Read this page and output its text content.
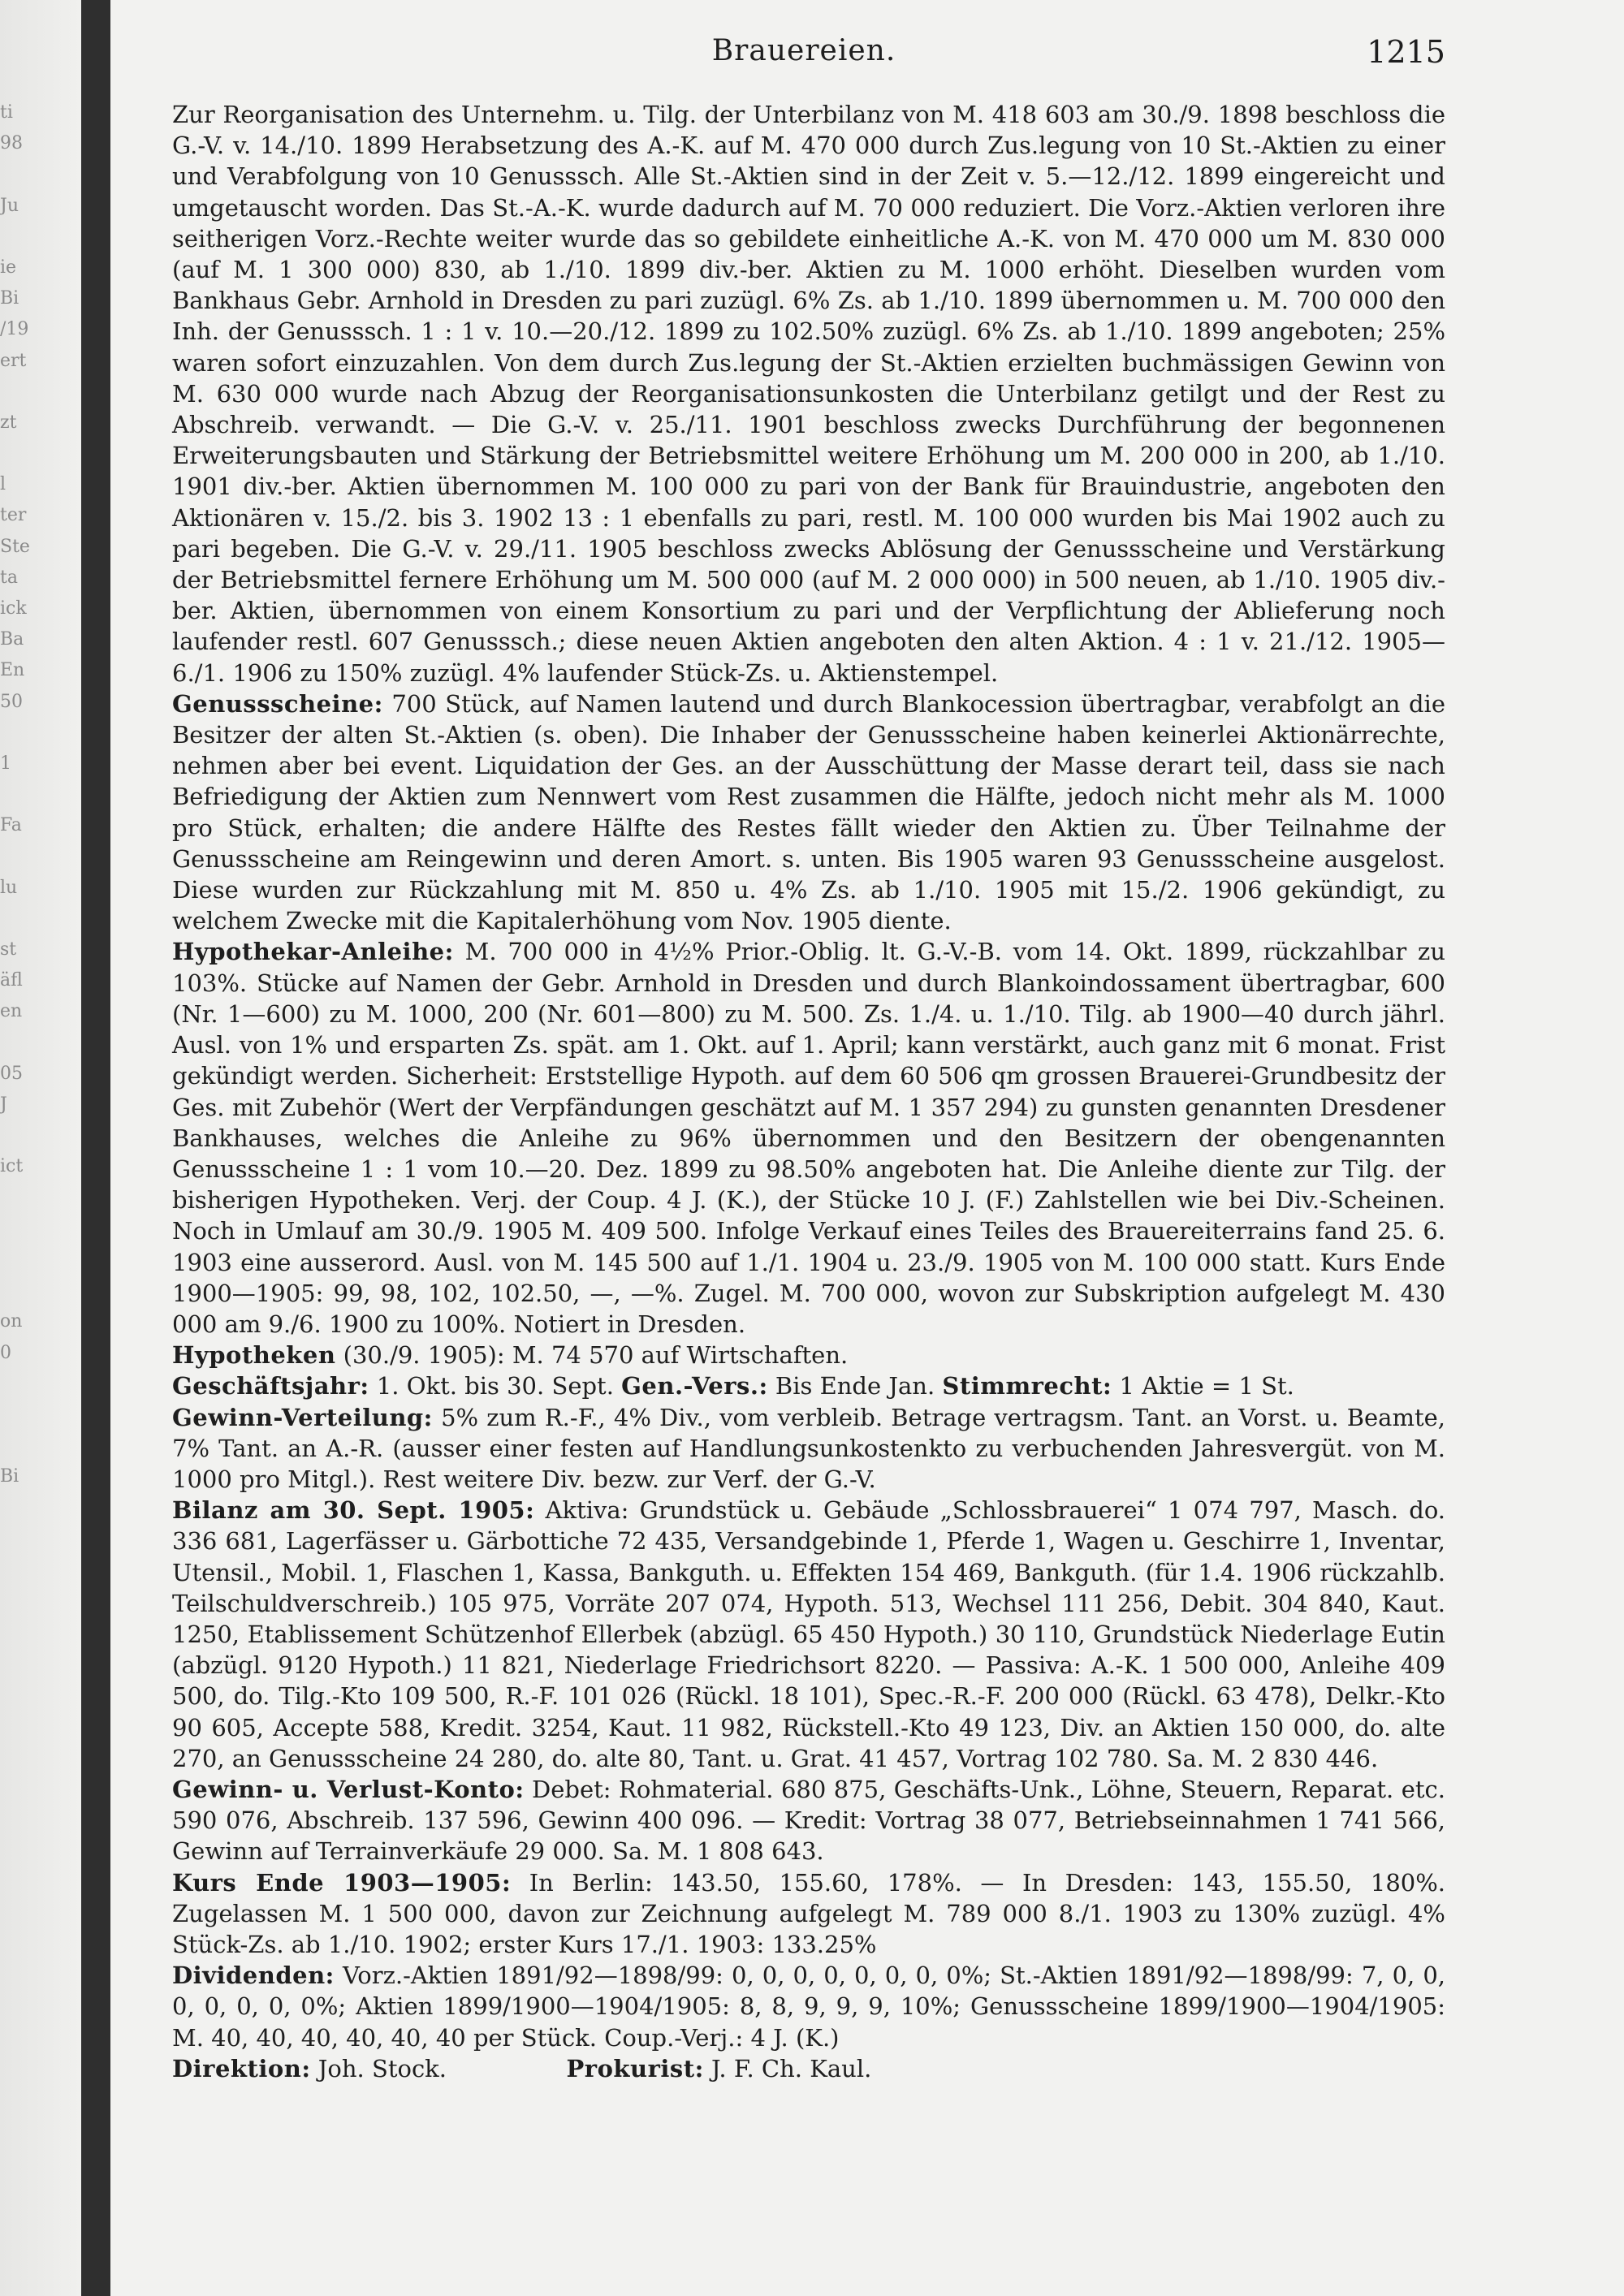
ti
98
Ju
ie
Bi
/19
ert
zt
l
ter
Ste
ta
ick
Ba
En
50
1
Fa
lu
st
äfl
en
05
J
ict
on
0
Bi
Brauereien.	1215

Zur Reorganisation des Unternehm. u. Tilg. der Unterbilanz von M. 418 603 am 30./9. 1898 beschloss die G.-V. v. 14./10. 1899 Herabsetzung des A.-K. auf M. 470 000 durch Zus.legung von 10 St.-Aktien zu einer und Verabfolgung von 10 Genusssch. Alle St.-Aktien sind in der Zeit v. 5.—12./12. 1899 eingereicht und umgetauscht worden. Das St.-A.-K. wurde dadurch auf M. 70 000 reduziert. Die Vorz.-Aktien verloren ihre seitherigen Vorz.-Rechte weiter wurde das so gebildete einheitliche A.-K. von M. 470 000 um M. 830 000 (auf M. 1 300 000) 830, ab 1./10. 1899 div.-ber. Aktien zu M. 1000 erhöht. Dieselben wurden vom Bankhaus Gebr. Arnhold in Dresden zu pari zuzügl. 6% Zs. ab 1./10. 1899 übernommen u. M. 700 000 den Inh. der Genusssch. 1 : 1 v. 10.—20./12. 1899 zu 102.50% zuzügl. 6% Zs. ab 1./10. 1899 angeboten; 25% waren sofort einzuzahlen. Von dem durch Zus.legung der St.-Aktien erzielten buchmässigen Gewinn von M. 630 000 wurde nach Abzug der Reorganisationsunkosten die Unterbilanz getilgt und der Rest zu Abschreib. verwandt. — Die G.-V. v. 25./11. 1901 beschloss zwecks Durchführung der begonnenen Erweiterungsbauten und Stärkung der Betriebsmittel weitere Erhöhung um M. 200 000 in 200, ab 1./10. 1901 div.-ber. Aktien übernommen M. 100 000 zu pari von der Bank für Brauindustrie, angeboten den Aktionären v. 15./2. bis 3. 1902 13 : 1 ebenfalls zu pari, restl. M. 100 000 wurden bis Mai 1902 auch zu pari begeben. Die G.-V. v. 29./11. 1905 beschloss zwecks Ablösung der Genussscheine und Verstärkung der Betriebsmittel fernere Erhöhung um M. 500 000 (auf M. 2 000 000) in 500 neuen, ab 1./10. 1905 div.-ber. Aktien, übernommen von einem Konsortium zu pari und der Verpflichtung der Ablieferung noch laufender restl. 607 Genusssch.; diese neuen Aktien angeboten den alten Aktion. 4 : 1 v. 21./12. 1905—6./1. 1906 zu 150% zuzügl. 4% laufender Stück-Zs. u. Aktienstempel.

Genussscheine: 700 Stück, auf Namen lautend und durch Blankocession übertragbar, verabfolgt an die Besitzer der alten St.-Aktien (s. oben). Die Inhaber der Genussscheine haben keinerlei Aktionärrechte, nehmen aber bei event. Liquidation der Ges. an der Ausschüttung der Masse derart teil, dass sie nach Befriedigung der Aktien zum Nennwert vom Rest zusammen die Hälfte, jedoch nicht mehr als M. 1000 pro Stück, erhalten; die andere Hälfte des Restes fällt wieder den Aktien zu. Über Teilnahme der Genussscheine am Reingewinn und deren Amort. s. unten. Bis 1905 waren 93 Genussscheine ausgelost. Diese wurden zur Rückzahlung mit M. 850 u. 4% Zs. ab 1./10. 1905 mit 15./2. 1906 gekündigt, zu welchem Zwecke mit die Kapitalerhöhung vom Nov. 1905 diente.

Hypothekar-Anleihe: M. 700 000 in 4½% Prior.-Oblig. lt. G.-V.-B. vom 14. Okt. 1899, rückzahlbar zu 103%. Stücke auf Namen der Gebr. Arnhold in Dresden und durch Blankoindossament übertragbar, 600 (Nr. 1—600) zu M. 1000, 200 (Nr. 601—800) zu M. 500. Zs. 1./4. u. 1./10. Tilg. ab 1900—40 durch jährl. Ausl. von 1% und ersparten Zs. spät. am 1. Okt. auf 1. April; kann verstärkt, auch ganz mit 6 monat. Frist gekündigt werden. Sicherheit: Erststellige Hypoth. auf dem 60 506 qm grossen Brauerei-Grundbesitz der Ges. mit Zubehör (Wert der Verpfändungen geschätzt auf M. 1 357 294) zu gunsten genannten Dresdener Bankhauses, welches die Anleihe zu 96% übernommen und den Besitzern der obengenannten Genussscheine 1 : 1 vom 10.—20. Dez. 1899 zu 98.50% angeboten hat. Die Anleihe diente zur Tilg. der bisherigen Hypotheken. Verj. der Coup. 4 J. (K.), der Stücke 10 J. (F.) Zahlstellen wie bei Div.-Scheinen. Noch in Umlauf am 30./9. 1905 M. 409 500. Infolge Verkauf eines Teiles des Brauereiterrains fand 25. 6. 1903 eine ausserord. Ausl. von M. 145 500 auf 1./1. 1904 u. 23./9. 1905 von M. 100 000 statt. Kurs Ende 1900—1905: 99, 98, 102, 102.50, —, —%. Zugel. M. 700 000, wovon zur Subskription aufgelegt M. 430 000 am 9./6. 1900 zu 100%. Notiert in Dresden.

Hypotheken (30./9. 1905): M. 74 570 auf Wirtschaften.

Geschäftsjahr: 1. Okt. bis 30. Sept. Gen.-Vers.: Bis Ende Jan. Stimmrecht: 1 Aktie = 1 St.

Gewinn-Verteilung: 5% zum R.-F., 4% Div., vom verbleib. Betrage vertragsm. Tant. an Vorst. u. Beamte, 7% Tant. an A.-R. (ausser einer festen auf Handlungsunkostenkto zu verbuchenden Jahresvergüt. von M. 1000 pro Mitgl.). Rest weitere Div. bezw. zur Verf. der G.-V.

Bilanz am 30. Sept. 1905: Aktiva: Grundstück u. Gebäude „Schlossbrauerei“ 1 074 797, Masch. do. 336 681, Lagerfässer u. Gärbottiche 72 435, Versandgebinde 1, Pferde 1, Wagen u. Geschirre 1, Inventar, Utensil., Mobil. 1, Flaschen 1, Kassa, Bankguth. u. Effekten 154 469, Bankguth. (für 1.4. 1906 rückzahlb. Teilschuldverschreib.) 105 975, Vorräte 207 074, Hypoth. 513, Wechsel 111 256, Debit. 304 840, Kaut. 1250, Etablissement Schützenhof Ellerbek (abzügl. 65 450 Hypoth.) 30 110, Grundstück Niederlage Eutin (abzügl. 9120 Hypoth.) 11 821, Niederlage Friedrichsort 8220. — Passiva: A.-K. 1 500 000, Anleihe 409 500, do. Tilg.-Kto 109 500, R.-F. 101 026 (Rückl. 18 101), Spec.-R.-F. 200 000 (Rückl. 63 478), Delkr.-Kto 90 605, Accepte 588, Kredit. 3254, Kaut. 11 982, Rückstell.-Kto 49 123, Div. an Aktien 150 000, do. alte 270, an Genussscheine 24 280, do. alte 80, Tant. u. Grat. 41 457, Vortrag 102 780. Sa. M. 2 830 446.

Gewinn- u. Verlust-Konto: Debet: Rohmaterial. 680 875, Geschäfts-Unk., Löhne, Steuern, Reparat. etc. 590 076, Abschreib. 137 596, Gewinn 400 096. — Kredit: Vortrag 38 077, Betriebseinnahmen 1 741 566, Gewinn auf Terrainverkäufe 29 000. Sa. M. 1 808 643.

Kurs Ende 1903—1905: In Berlin: 143.50, 155.60, 178%. — In Dresden: 143, 155.50, 180%. Zugelassen M. 1 500 000, davon zur Zeichnung aufgelegt M. 789 000 8./1. 1903 zu 130% zuzügl. 4% Stück-Zs. ab 1./10. 1902; erster Kurs 17./1. 1903: 133.25%

Dividenden: Vorz.-Aktien 1891/92—1898/99: 0, 0, 0, 0, 0, 0, 0, 0%; St.-Aktien 1891/92—1898/99: 7, 0, 0, 0, 0, 0, 0, 0%; Aktien 1899/1900—1904/1905: 8, 8, 9, 9, 9, 10%; Genussscheine 1899/1900—1904/1905: M. 40, 40, 40, 40, 40, 40 per Stück. Coup.-Verj.: 4 J. (K.)

Direktion: Joh. Stock.	Prokurist: J. F. Ch. Kaul.
